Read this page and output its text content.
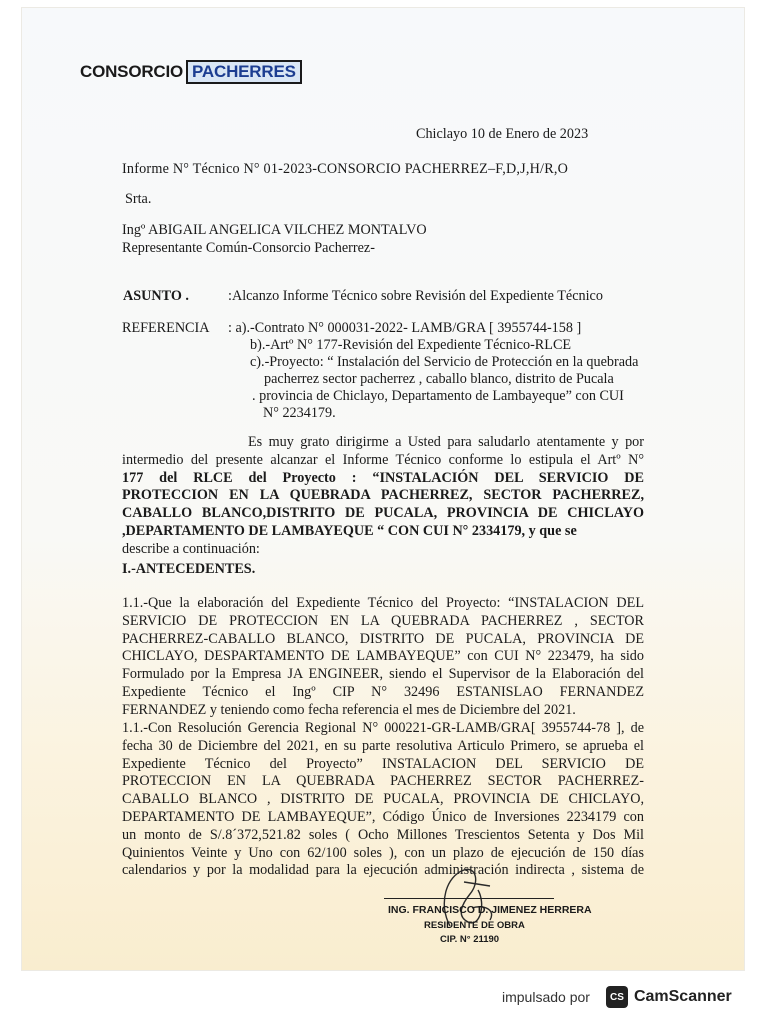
CONSORCIO PACHERRES

Chiclayo 10 de Enero de 2023

Informe N° Técnico N° 01-2023-CONSORCIO PACHERREZ–F,D,J,H/R,O

Srta.

Ingº ABIGAIL ANGELICA VILCHEZ MONTALVO

Representante Común-Consorcio Pacherrez-

ASUNTO .	:Alcanzo Informe Técnico sobre Revisión del Expediente Técnico

REFERENCIA : a).-Contrato N° 000031-2022- LAMB/GRA [ 3955744-158 ]

b).-Artº N° 177-Revisión del Expediente Técnico-RLCE

c).-Proyecto: “ Instalación del Servicio de Protección en la quebrada

pacherrez sector pacherrez , caballo blanco, distrito de Pucala

. provincia de Chiclayo, Departamento de Lambayeque” con CUI

N° 2234179.

Es muy grato dirigirme a Usted para saludarlo atentamente y por
intermedio del presente alcanzar el Informe Técnico conforme lo estipula el Artº N°
177 del RLCE del Proyecto : “INSTALACIÓN DEL SERVICIO DE
PROTECCION EN LA QUEBRADA PACHERREZ, SECTOR PACHERREZ,
CABALLO BLANCO,DISTRITO DE PUCALA, PROVINCIA DE CHICLAYO
,DEPARTAMENTO DE LAMBAYEQUE “ CON CUI N° 2334179, y que se
describe a continuación:

I.-ANTECEDENTES.

1.1.-Que la elaboración del Expediente Técnico del Proyecto: “INSTALACION DEL
SERVICIO DE PROTECCION EN LA QUEBRADA PACHERREZ , SECTOR
PACHERREZ-CABALLO BLANCO, DISTRITO DE PUCALA, PROVINCIA DE
CHICLAYO, DESPARTAMENTO DE LAMBAYEQUE” con CUI N° 223479, ha sido
Formulado por la Empresa JA ENGINEER, siendo el Supervisor de la Elaboración del
Expediente Técnico el Ingº CIP N° 32496 ESTANISLAO FERNANDEZ
FERNANDEZ y teniendo como fecha referencia el mes de Diciembre del 2021.
1.1.-Con Resolución Gerencia Regional N° 000221-GR-LAMB/GRA[ 3955744-78 ], de
fecha 30 de Diciembre del 2021, en su parte resolutiva Articulo Primero, se aprueba el
Expediente Técnico del Proyecto” INSTALACION DEL SERVICIO DE
PROTECCION EN LA QUEBRADA PACHERREZ SECTOR PACHERREZ-
CABALLO BLANCO , DISTRITO DE PUCALA, PROVINCIA DE CHICLAYO,
DEPARTAMENTO DE LAMBAYEQUE”, Código Único de Inversiones 2234179 con
un monto de S/.8´372,521.82 soles ( Ocho Millones Trescientos Setenta y Dos Mil
Quinientos Veinte y Uno con 62/100 soles ), con un plazo de ejecución de 150 días
calendarios y por la modalidad para la ejecución administración indirecta , sistema de
ING. FRANCISCO D. JIMENEZ HERRERA
RESIDENTE DE OBRA
CIP. N° 21190
impulsado por	CS CamScanner
